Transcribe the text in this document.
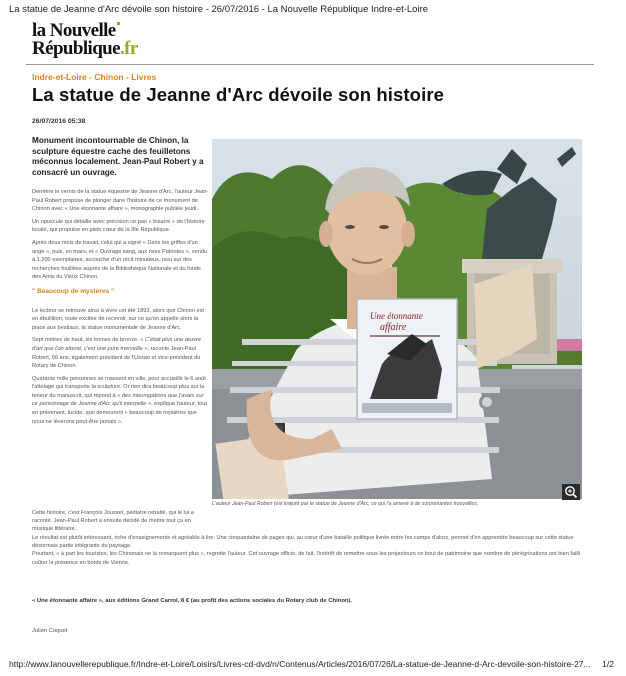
La statue de Jeanne d'Arc dévoile son histoire - 26/07/2016 - La Nouvelle République Indre-et-Loire
la Nouvelle
République.fr
Indre-et-Loire - Chinon - Livres
La statue de Jeanne d'Arc dévoile son histoire
26/07/2016 05:38
Monument incontournable de Chinon, la sculpture équestre cache des feuilletons méconnus localement. Jean-Paul Robert y a consacré un ouvrage.

Dernière le vernis de la statue équestre de Jeanne d'Arc, l'auteur Jean-Paul Robert propose de plonger dans l'histoire de ce monument de Chinon avec « Une étonnante affaire », monographie publiée jeudi.

Un opuscule qui détaille avec précision ce pan « bizarre » de l'histoire locale, qui propulse en plein cœur de la IIIe République.

Après deux mois de travail, celui qui a signé « Dans les griffes d'un ange », puis, en mars, et « Ouvrage sang, aux rives Patriotes », vendu à 1.200 exemplaires, accouche d'un récit minutieux, issu sur des recherches fouillées auprès de la Bibliothèque Nationale et du fonds des Amis du Vieux Chinon.

" Beaucoup de mystères "

Le lecteur se retrouve ainsi à vivre cet été 1893, alors que Chinon est en ébullition, toute excitée de recevoir, sur ce qu'on appelle alors la place aux bestiaux, la statue monumentale de Jeanne d'Arc.

Sept mètres de haut, six tonnes de bronze. « C'était plus une œuvre d'art que l'on attend, c'est une pure merveille », raconte Jean-Paul Robert, 66 ans, également président de l'Ussao et vice-président du Rotary de Chinon.

Quarante mille personnes se massent en ville, pour accueillir le 6 août l'attelage qui transporte la sculpture. Or rien dira beaucoup plus sur la teneur du manuscrit, qui répond à « des interrogations que j'avais sur ce personnage de Jeanne d'Arc qu'il interpelle », explique l'auteur, tout en prévenant, lucide, que demeurent « beaucoup de mystères que nous ne lèverons peut-être jamais ».

Une étonnante
affaire
L'auteur Jean-Paul Robert (est kréjuté par le statue de Jeanne d'Arc, ce qui l'a amené à de surprenantes trouvailles.
Cette histoire, c'est François Jousset, pédiatre retraité, qui le lui a raconté. Jean-Paul Robert a ensuite décidé de mettre tout ça en musique littéraire.

Le résultat est plutôt intéressant, riche d'enseignements et agréable à lire. Une cinquantaine de pages qui, au cœur d'une bataille politique livrée entre les camps d'alors, permet d'en apprendre beaucoup sur cette statue désormais partie intégrante du paysage.

Pourtant, « à part les touristes, les Chinonais ne la remarquent plus », regrette l'auteur. Cet ouvrage officie, de fait, l'intérêt de remettre sous les projecteurs ce bout de patrimoine que nombre de pérégrinations ont bien failli coûter la présence en bords de Vienne.

« Une étonnante affaire », aux éditions Grand Carrol, 8 € (au profit des actions sociales du Rotary club de Chinon).
Julien Coquet
http://www.lanouvellerepublique.fr/Indre-et-Loire/Loisirs/Livres-cd-dvd/n/Contenus/Articles/2016/07/26/La-statue-de-Jeanne-d-Arc-devoile-son-histoire-27... 1/2
